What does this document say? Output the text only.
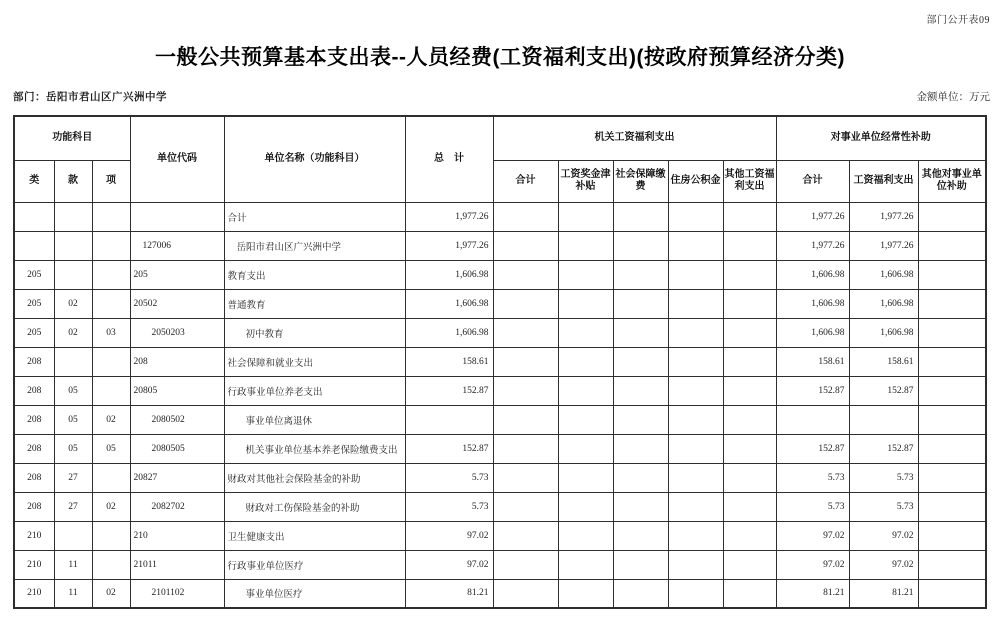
部门公开表09
一般公共预算基本支出表--人员经费(工资福利支出)(按政府预算经济分类)
部门：岳阳市君山区广兴洲中学	金额单位：万元
功能科目			单位代码	单位名称（功能科目）	总　计	机关工资福利支出					对事业单位经常性补助		
类	款	项				合计	工资奖金津补贴	社会保障缴费	住房公积金	其他工资福利支出	合计	工资福利支出	其他对事业单位补助
				合计	1,977.26						1,977.26	1,977.26	
			127006	岳阳市君山区广兴洲中学	1,977.26						1,977.26	1,977.26	
205			205	教育支出	1,606.98						1,606.98	1,606.98	
205	02		20502	普通教育	1,606.98						1,606.98	1,606.98	
205	02	03	2050203	初中教育	1,606.98						1,606.98	1,606.98	
208			208	社会保障和就业支出	158.61						158.61	158.61	
208	05		20805	行政事业单位养老支出	152.87						152.87	152.87	
208	05	02	2080502	事业单位离退休									
208	05	05	2080505	机关事业单位基本养老保险缴费支出	152.87						152.87	152.87	
208	27		20827	财政对其他社会保险基金的补助	5.73						5.73	5.73	
208	27	02	2082702	财政对工伤保险基金的补助	5.73						5.73	5.73	
210			210	卫生健康支出	97.02						97.02	97.02	
210	11		21011	行政事业单位医疗	97.02						97.02	97.02	
210	11	02	2101102	事业单位医疗	81.21						81.21	81.21	
